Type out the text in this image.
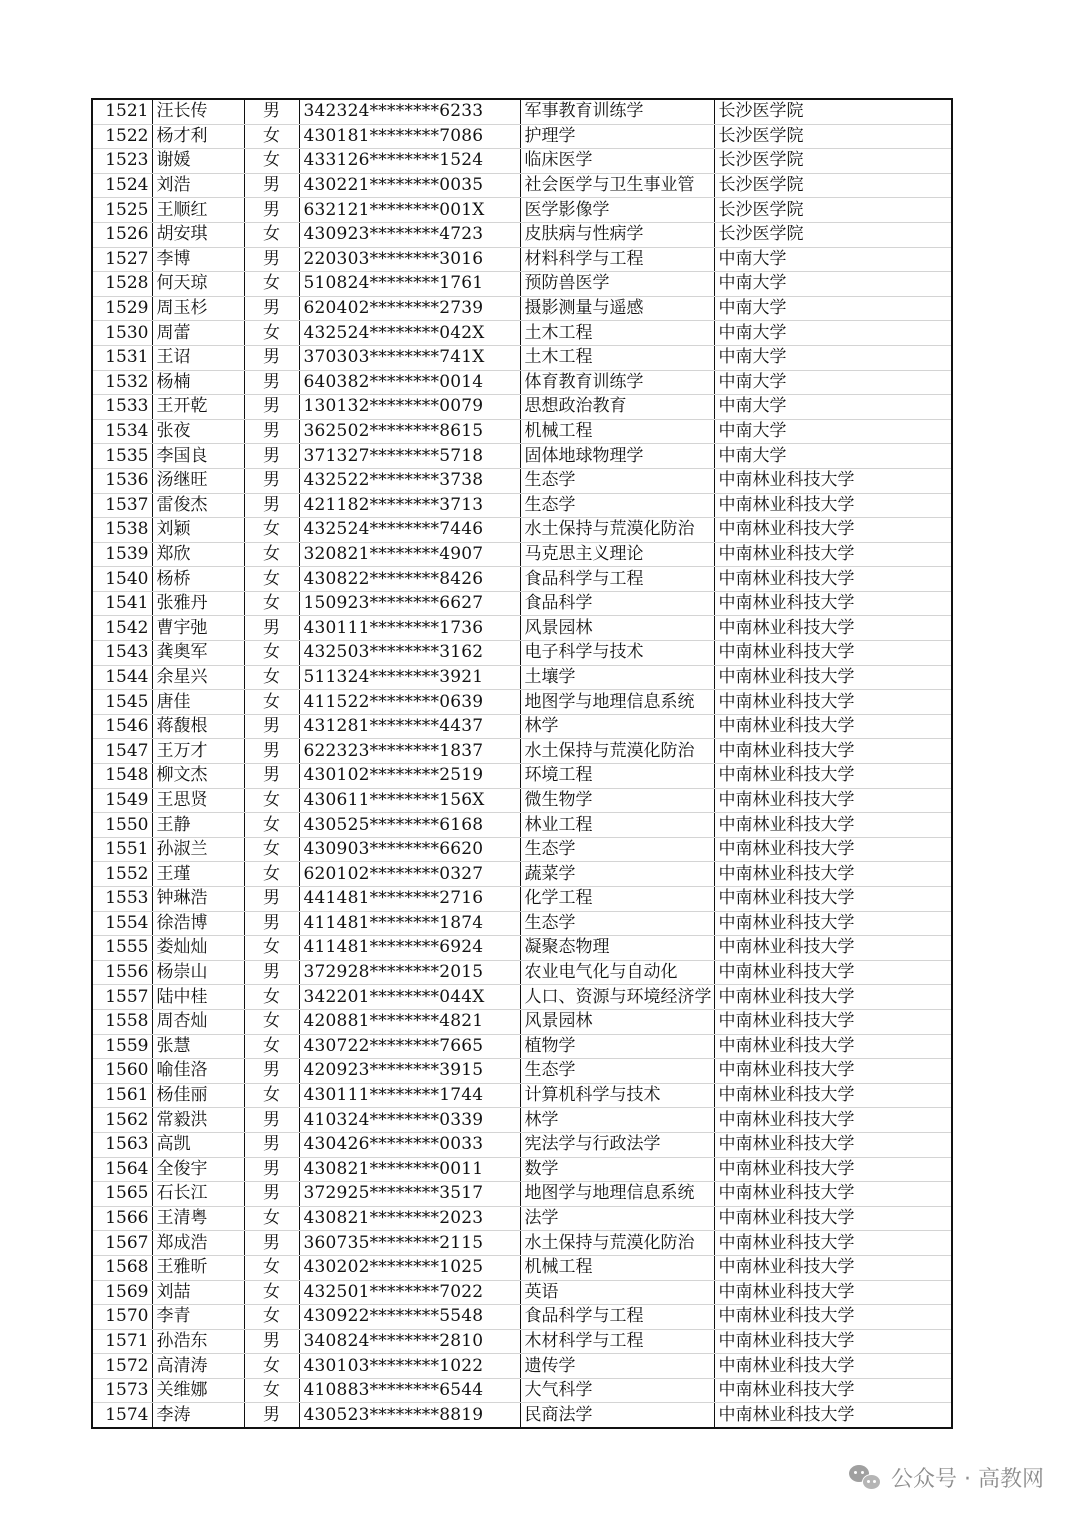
1521	汪长传	男	342324********6233	军事教育训练学	长沙医学院
1522	杨才利	女	430181********7086	护理学	长沙医学院
1523	谢媛	女	433126********1524	临床医学	长沙医学院
1524	刘浩	男	430221********0035	社会医学与卫生事业管	长沙医学院
1525	王顺红	男	632121********001X	医学影像学	长沙医学院
1526	胡安琪	女	430923********4723	皮肤病与性病学	长沙医学院
1527	李博	男	220303********3016	材料科学与工程	中南大学
1528	何天琼	女	510824********1761	预防兽医学	中南大学
1529	周玉杉	男	620402********2739	摄影测量与遥感	中南大学
1530	周蕾	女	432524********042X	土木工程	中南大学
1531	王诏	男	370303********741X	土木工程	中南大学
1532	杨楠	男	640382********0014	体育教育训练学	中南大学
1533	王开乾	男	130132********0079	思想政治教育	中南大学
1534	张夜	男	362502********8615	机械工程	中南大学
1535	李国良	男	371327********5718	固体地球物理学	中南大学
1536	汤继旺	男	432522********3738	生态学	中南林业科技大学
1537	雷俊杰	男	421182********3713	生态学	中南林业科技大学
1538	刘颖	女	432524********7446	水土保持与荒漠化防治	中南林业科技大学
1539	郑欣	女	320821********4907	马克思主义理论	中南林业科技大学
1540	杨桥	女	430822********8426	食品科学与工程	中南林业科技大学
1541	张雅丹	女	150923********6627	食品科学	中南林业科技大学
1542	曹宇弛	男	430111********1736	风景园林	中南林业科技大学
1543	龚奥军	女	432503********3162	电子科学与技术	中南林业科技大学
1544	余星兴	女	511324********3921	土壤学	中南林业科技大学
1545	唐佳	女	411522********0639	地图学与地理信息系统	中南林业科技大学
1546	蒋馥根	男	431281********4437	林学	中南林业科技大学
1547	王万才	男	622323********1837	水土保持与荒漠化防治	中南林业科技大学
1548	柳文杰	男	430102********2519	环境工程	中南林业科技大学
1549	王思贤	女	430611********156X	微生物学	中南林业科技大学
1550	王静	女	430525********6168	林业工程	中南林业科技大学
1551	孙淑兰	女	430903********6620	生态学	中南林业科技大学
1552	王瑾	女	620102********0327	蔬菜学	中南林业科技大学
1553	钟琳浩	男	441481********2716	化学工程	中南林业科技大学
1554	徐浩博	男	411481********1874	生态学	中南林业科技大学
1555	娄灿灿	女	411481********6924	凝聚态物理	中南林业科技大学
1556	杨崇山	男	372928********2015	农业电气化与自动化	中南林业科技大学
1557	陆中桂	女	342201********044X	人口、资源与环境经济学	中南林业科技大学
1558	周杏灿	女	420881********4821	风景园林	中南林业科技大学
1559	张慧	女	430722********7665	植物学	中南林业科技大学
1560	喻佳洛	男	420923********3915	生态学	中南林业科技大学
1561	杨佳丽	女	430111********1744	计算机科学与技术	中南林业科技大学
1562	常毅洪	男	410324********0339	林学	中南林业科技大学
1563	高凯	男	430426********0033	宪法学与行政法学	中南林业科技大学
1564	全俊宇	男	430821********0011	数学	中南林业科技大学
1565	石长江	男	372925********3517	地图学与地理信息系统	中南林业科技大学
1566	王清粤	女	430821********2023	法学	中南林业科技大学
1567	郑成浩	男	360735********2115	水土保持与荒漠化防治	中南林业科技大学
1568	王雅昕	女	430202********1025	机械工程	中南林业科技大学
1569	刘喆	女	432501********7022	英语	中南林业科技大学
1570	李青	女	430922********5548	食品科学与工程	中南林业科技大学
1571	孙浩东	男	340824********2810	木材科学与工程	中南林业科技大学
1572	高清涛	女	430103********1022	遗传学	中南林业科技大学
1573	关维娜	女	410883********6544	大气科学	中南林业科技大学
1574	李涛	男	430523********8819	民商法学	中南林业科技大学
公众号 · 高教网
